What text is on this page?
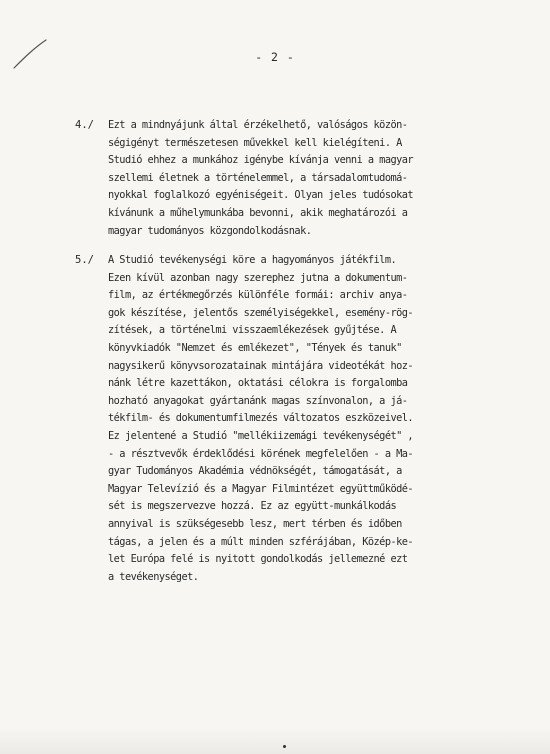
- 2 -
4./ Ezt a mindnyájunk által érzékelhető, valóságos közön-
ségigényt természetesen művekkel kell kielégíteni. A
Studió ehhez a munkához igénybe kívánja venni a magyar
szellemi életnek a történelemmel, a társadalomtudomá-
nyokkal foglalkozó egyéniségeit. Olyan jeles tudósokat
kívánunk a műhelymunkába bevonni, akik meghatározói a
magyar tudományos közgondolkodásnak.
5./ A Studió tevékenységi köre a hagyományos játékfilm.
Ezen kívül azonban nagy szerephez jutna a dokumentum-
film, az értékmegőrzés különféle formái: archiv anya-
gok készítése, jelentős személyiségekkel, esemény-rög-
zítések, a történelmi visszaemlékezések gyűjtése. A
könyvkiadók "Nemzet és emlékezet", "Tények és tanuk"
nagysikerű könyvsorozatainak mintájára videotékát hoz-
nánk létre kazettákon, oktatási célokra is forgalomba
hozható anyagokat gyártanánk magas színvonalon, a já-
tékfilm- és dokumentumfilmezés változatos eszközeivel.
Ez jelentené a Studió "mellékiizemági tevékenységét" ,
- a résztvevők érdeklődési körének megfelelően - a Ma-
gyar Tudományos Akadémia védnökségét, támogatását, a
Magyar Televízió és a Magyar Filmintézet együttműködé-
sét is megszervezve hozzá. Ez az együtt-munkálkodás
annyival is szükségesebb lesz, mert térben és időben
tágas, a jelen és a múlt minden szférájában, Közép-ke-
let Európa felé is nyitott gondolkodás jellemezné ezt
a tevékenységet.
